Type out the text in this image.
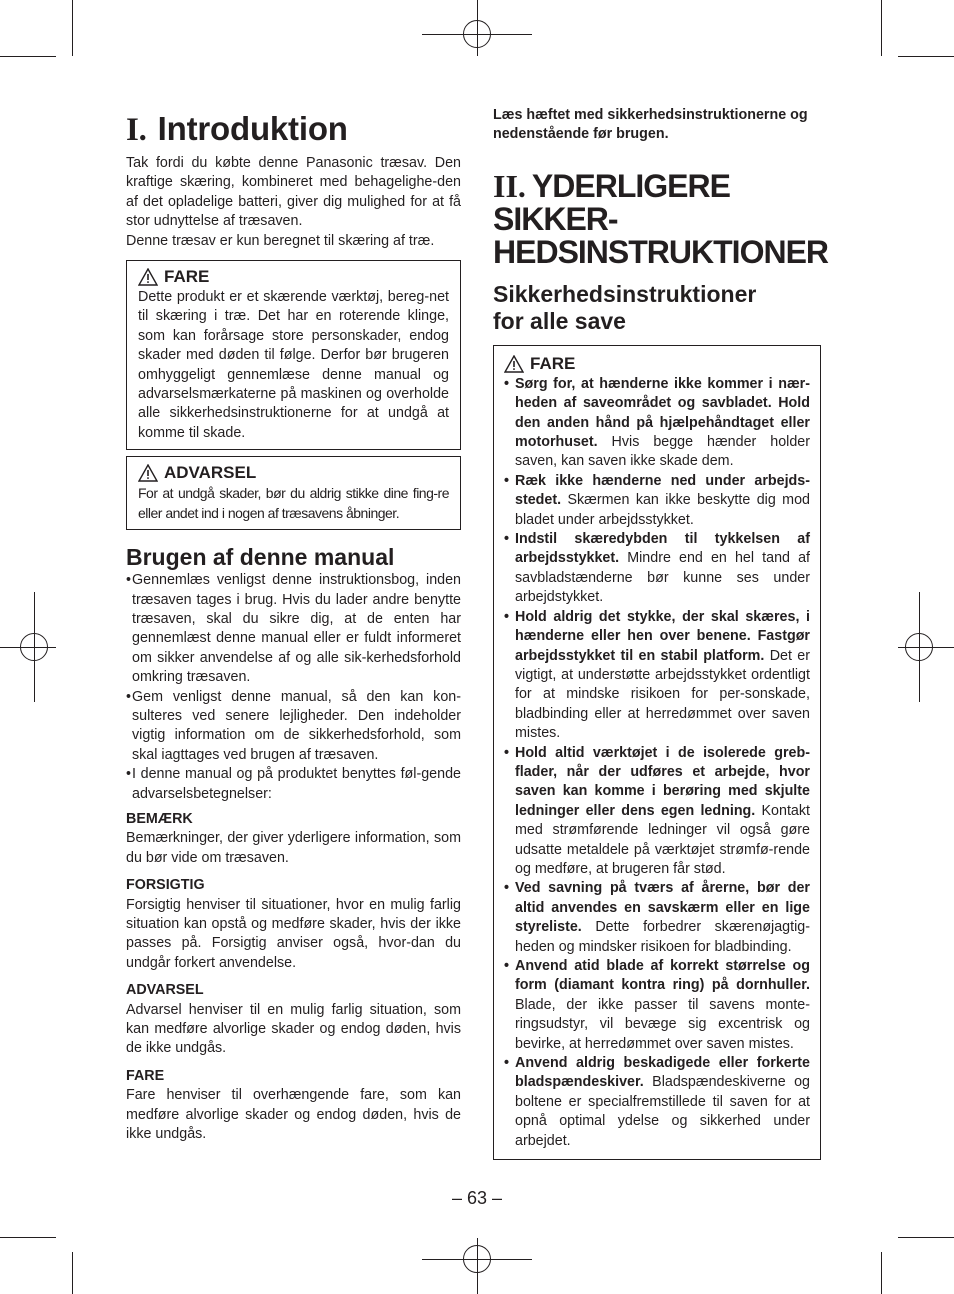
I. Introduktion

Tak fordi du købte denne Panasonic træsav. Den kraftige skæring, kombineret med behagelighe-den af det opladelige batteri, giver dig mulighed for at få stor udnyttelse af træsaven.

Denne træsav er kun beregnet til skæring af træ.

FARE

Dette produkt er et skærende værktøj, bereg-net til skæring i træ. Det har en roterende klinge, som kan forårsage store personskader, endog skader med døden til følge. Derfor bør brugeren omhyggeligt gennemlæse denne manual og advarselsmærkaterne på maskinen og overholde alle sikkerhedsinstruktionerne for at undgå at komme til skade.

ADVARSEL

For at undgå skader, bør du aldrig stikke dine fing-re eller andet ind i nogen af træsavens åbninger.

Brugen af denne manual
• Gennemlæs venligst denne instruktionsbog, inden træsaven tages i brug. Hvis du lader andre benytte træsaven, skal du sikre dig, at de enten har gennemlæst denne manual eller er fuldt informeret om sikker anvendelse af og alle sik-kerhedsforhold omkring træsaven.
• Gem venligst denne manual, så den kan kon-sulteres ved senere lejligheder. Den indeholder vigtig information om de sikkerhedsforhold, som skal iagttages ved brugen af træsaven.
• I denne manual og på produktet benyttes føl-gende advarselsbetegnelser:
BEMÆRK

Bemærkninger, der giver yderligere information, som du bør vide om træsaven.

FORSIGTIG

Forsigtig henviser til situationer, hvor en mulig farlig situation kan opstå og medføre skader, hvis der ikke passes på. Forsigtig anviser også, hvor-dan du undgår forkert anvendelse.

ADVARSEL

Advarsel henviser til en mulig farlig situation, som kan medføre alvorlige skader og endog døden, hvis de ikke undgås.

FARE

Fare henviser til overhængende fare, som kan medføre alvorlige skader og endog døden, hvis de ikke undgås.

Læs hæftet med sikkerhedsinstruktionerne og nedenstående før brugen.

II. YDERLIGERE SIKKER-
HEDSINSTRUKTIONER
Sikkerhedsinstruktioner
for alle save
FARE
• Sørg for, at hænderne ikke kommer i nær-heden af saveområdet og savbladet. Hold den anden hånd på hjælpehåndtaget eller motorhuset. Hvis begge hænder holder saven, kan saven ikke skade dem.
• Ræk ikke hænderne ned under arbejds-stedet. Skærmen kan ikke beskytte dig mod bladet under arbejdsstykket.
• Indstil skæredybden til tykkelsen af arbejdsstykket. Mindre end en hel tand af savbladstænderne bør kunne ses under arbejdstykket.
• Hold aldrig det stykke, der skal skæres, i hænderne eller hen over benene. Fastgør arbejdsstykket til en stabil platform. Det er vigtigt, at understøtte arbejdsstykket ordentligt for at mindske risikoen for per-sonskade, bladbinding eller at herredømmet over saven mistes.
• Hold altid værktøjet i de isolerede greb-flader, når der udføres et arbejde, hvor saven kan komme i berøring med skjulte ledninger eller dens egen ledning. Kontakt med strømførende ledninger vil også gøre udsatte metaldele på værktøjet strømfø-rende og medføre, at brugeren får stød.
• Ved savning på tværs af årerne, bør der altid anvendes en savskærm eller en lige styreliste. Dette forbedrer skærenøjagtig-heden og mindsker risikoen for bladbinding.
• Anvend atid blade af korrekt størrelse og form (diamant kontra ring) på dornhuller. Blade, der ikke passer til savens monte-ringsudstyr, vil bevæge sig excentrisk og bevirke, at herredømmet over saven mistes.
• Anvend aldrig beskadigede eller forkerte bladspændeskiver. Bladspændeskiverne og boltene er specialfremstillede til saven for at opnå optimal ydelse og sikkerhed under arbejdet.
– 63 –
